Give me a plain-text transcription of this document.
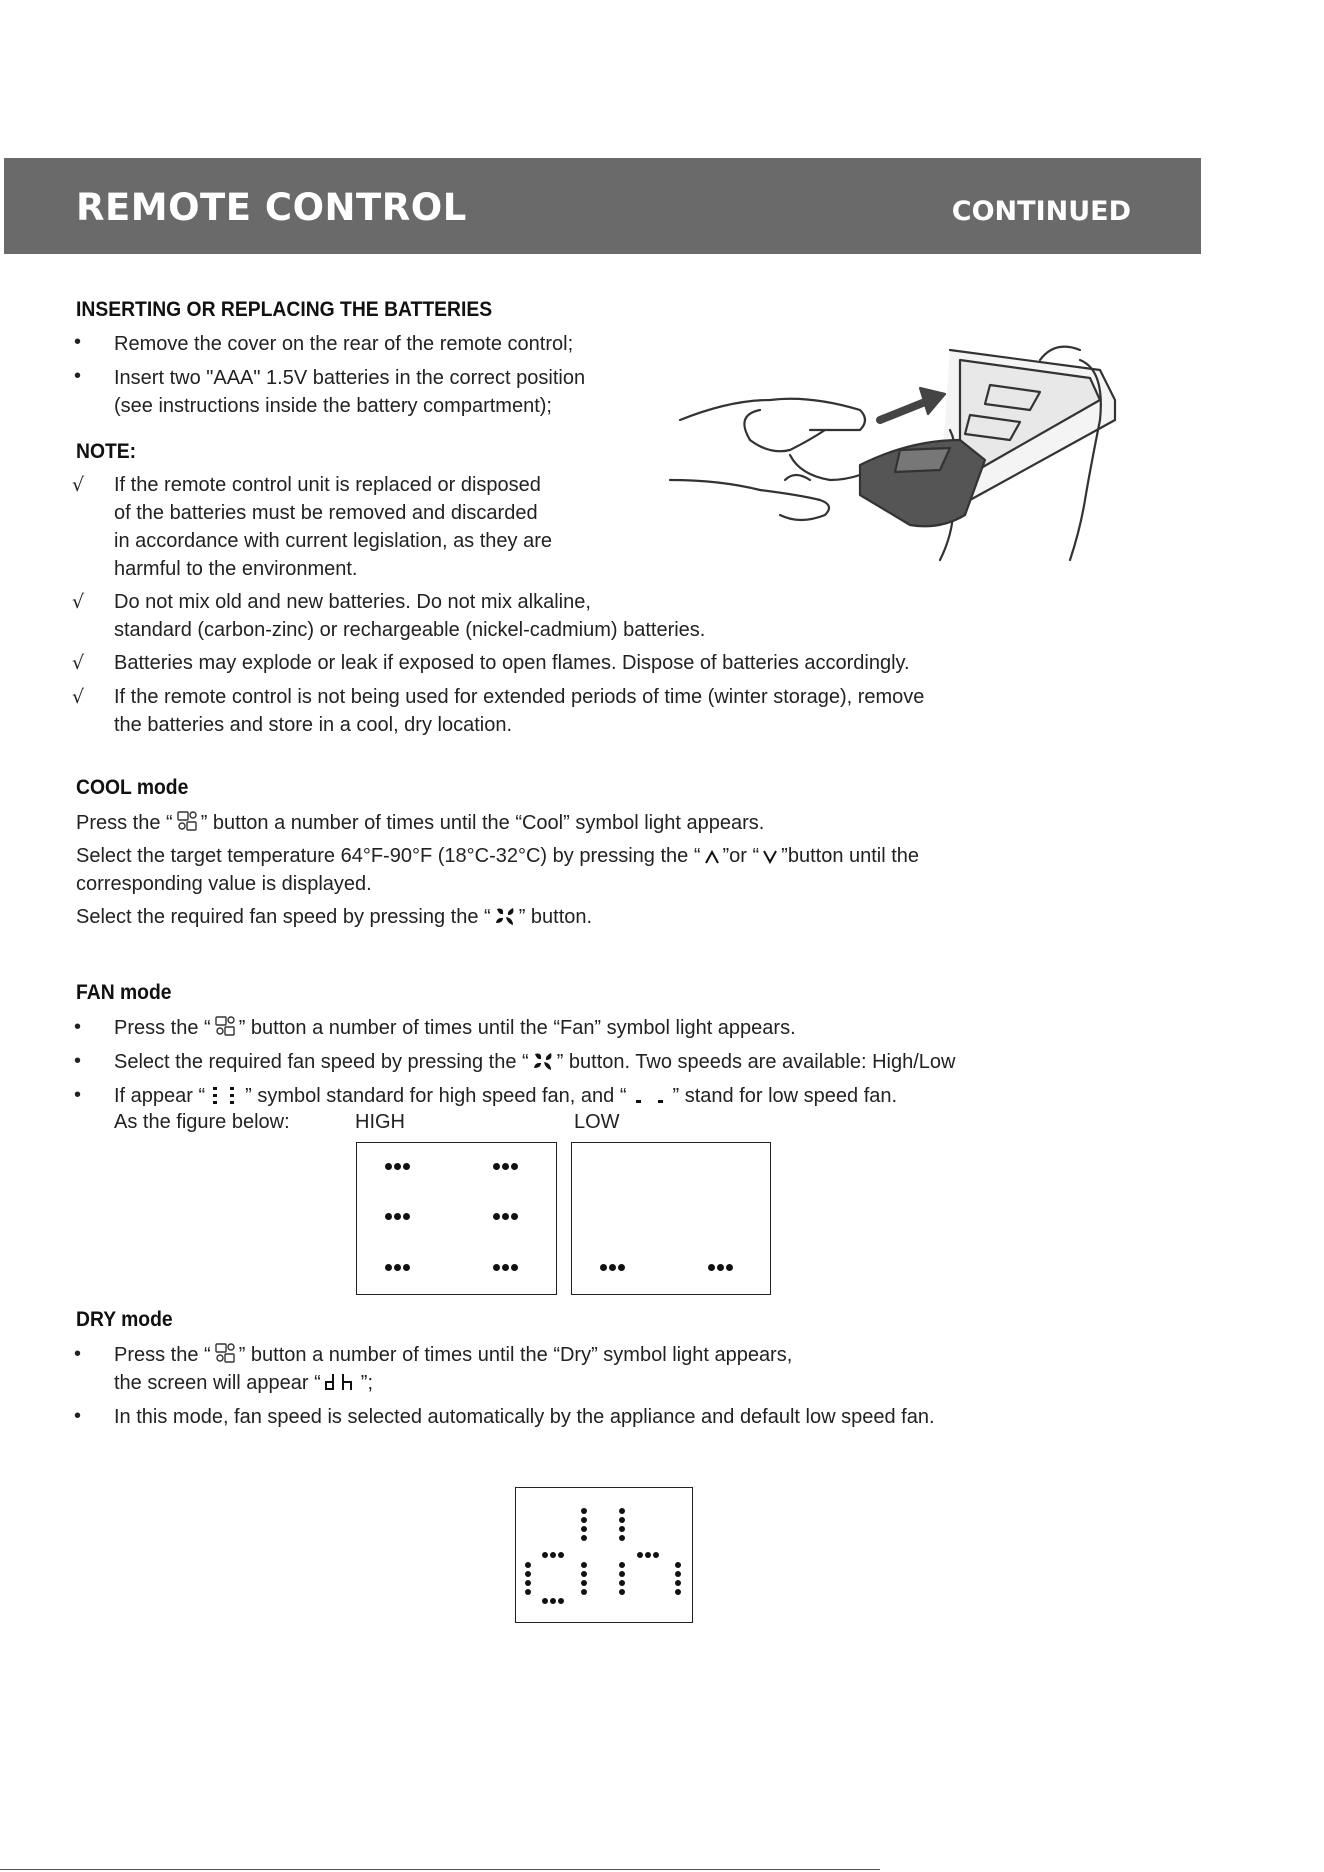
REMOTE CONTROL	CONTINUED
INSERTING OR REPLACING THE BATTERIES
• Remove the cover on the rear of the remote control;
• Insert two "AAA" 1.5V batteries in the correct position
(see instructions inside the battery compartment);
NOTE:
√ If the remote control unit is replaced or disposed
of the batteries must be removed and discarded
in accordance with current legislation, as they are
harmful to the environment.
√ Do not mix old and new batteries. Do not mix alkaline,
standard (carbon-zinc) or rechargeable (nickel-cadmium) batteries.
√ Batteries may explode or leak if exposed to open flames. Dispose of batteries accordingly.
√ If the remote control is not being used for extended periods of time (winter storage), remove
the batteries and store in a cool, dry location.
COOL mode
Press the “ ” button a number of times until the “Cool” symbol light appears.
Select the target temperature 64°F-90°F (18°C-32°C) by pressing the “ ”or “ ”button until the
corresponding value is displayed.
Select the required fan speed by pressing the “ ” button.
FAN mode
• Press the “ ” button a number of times until the “Fan” symbol light appears.
• Select the required fan speed by pressing the “ ” button. Two speeds are available: High/Low
• If appear “ ” symbol standard for high speed fan, and “ ” stand for low speed fan.
As the figure below:	HIGH	LOW
DRY mode
• Press the “ ” button a number of times until the “Dry” symbol light appears,
the screen will appear “ ”;
• In this mode, fan speed is selected automatically by the appliance and default low speed fan.
